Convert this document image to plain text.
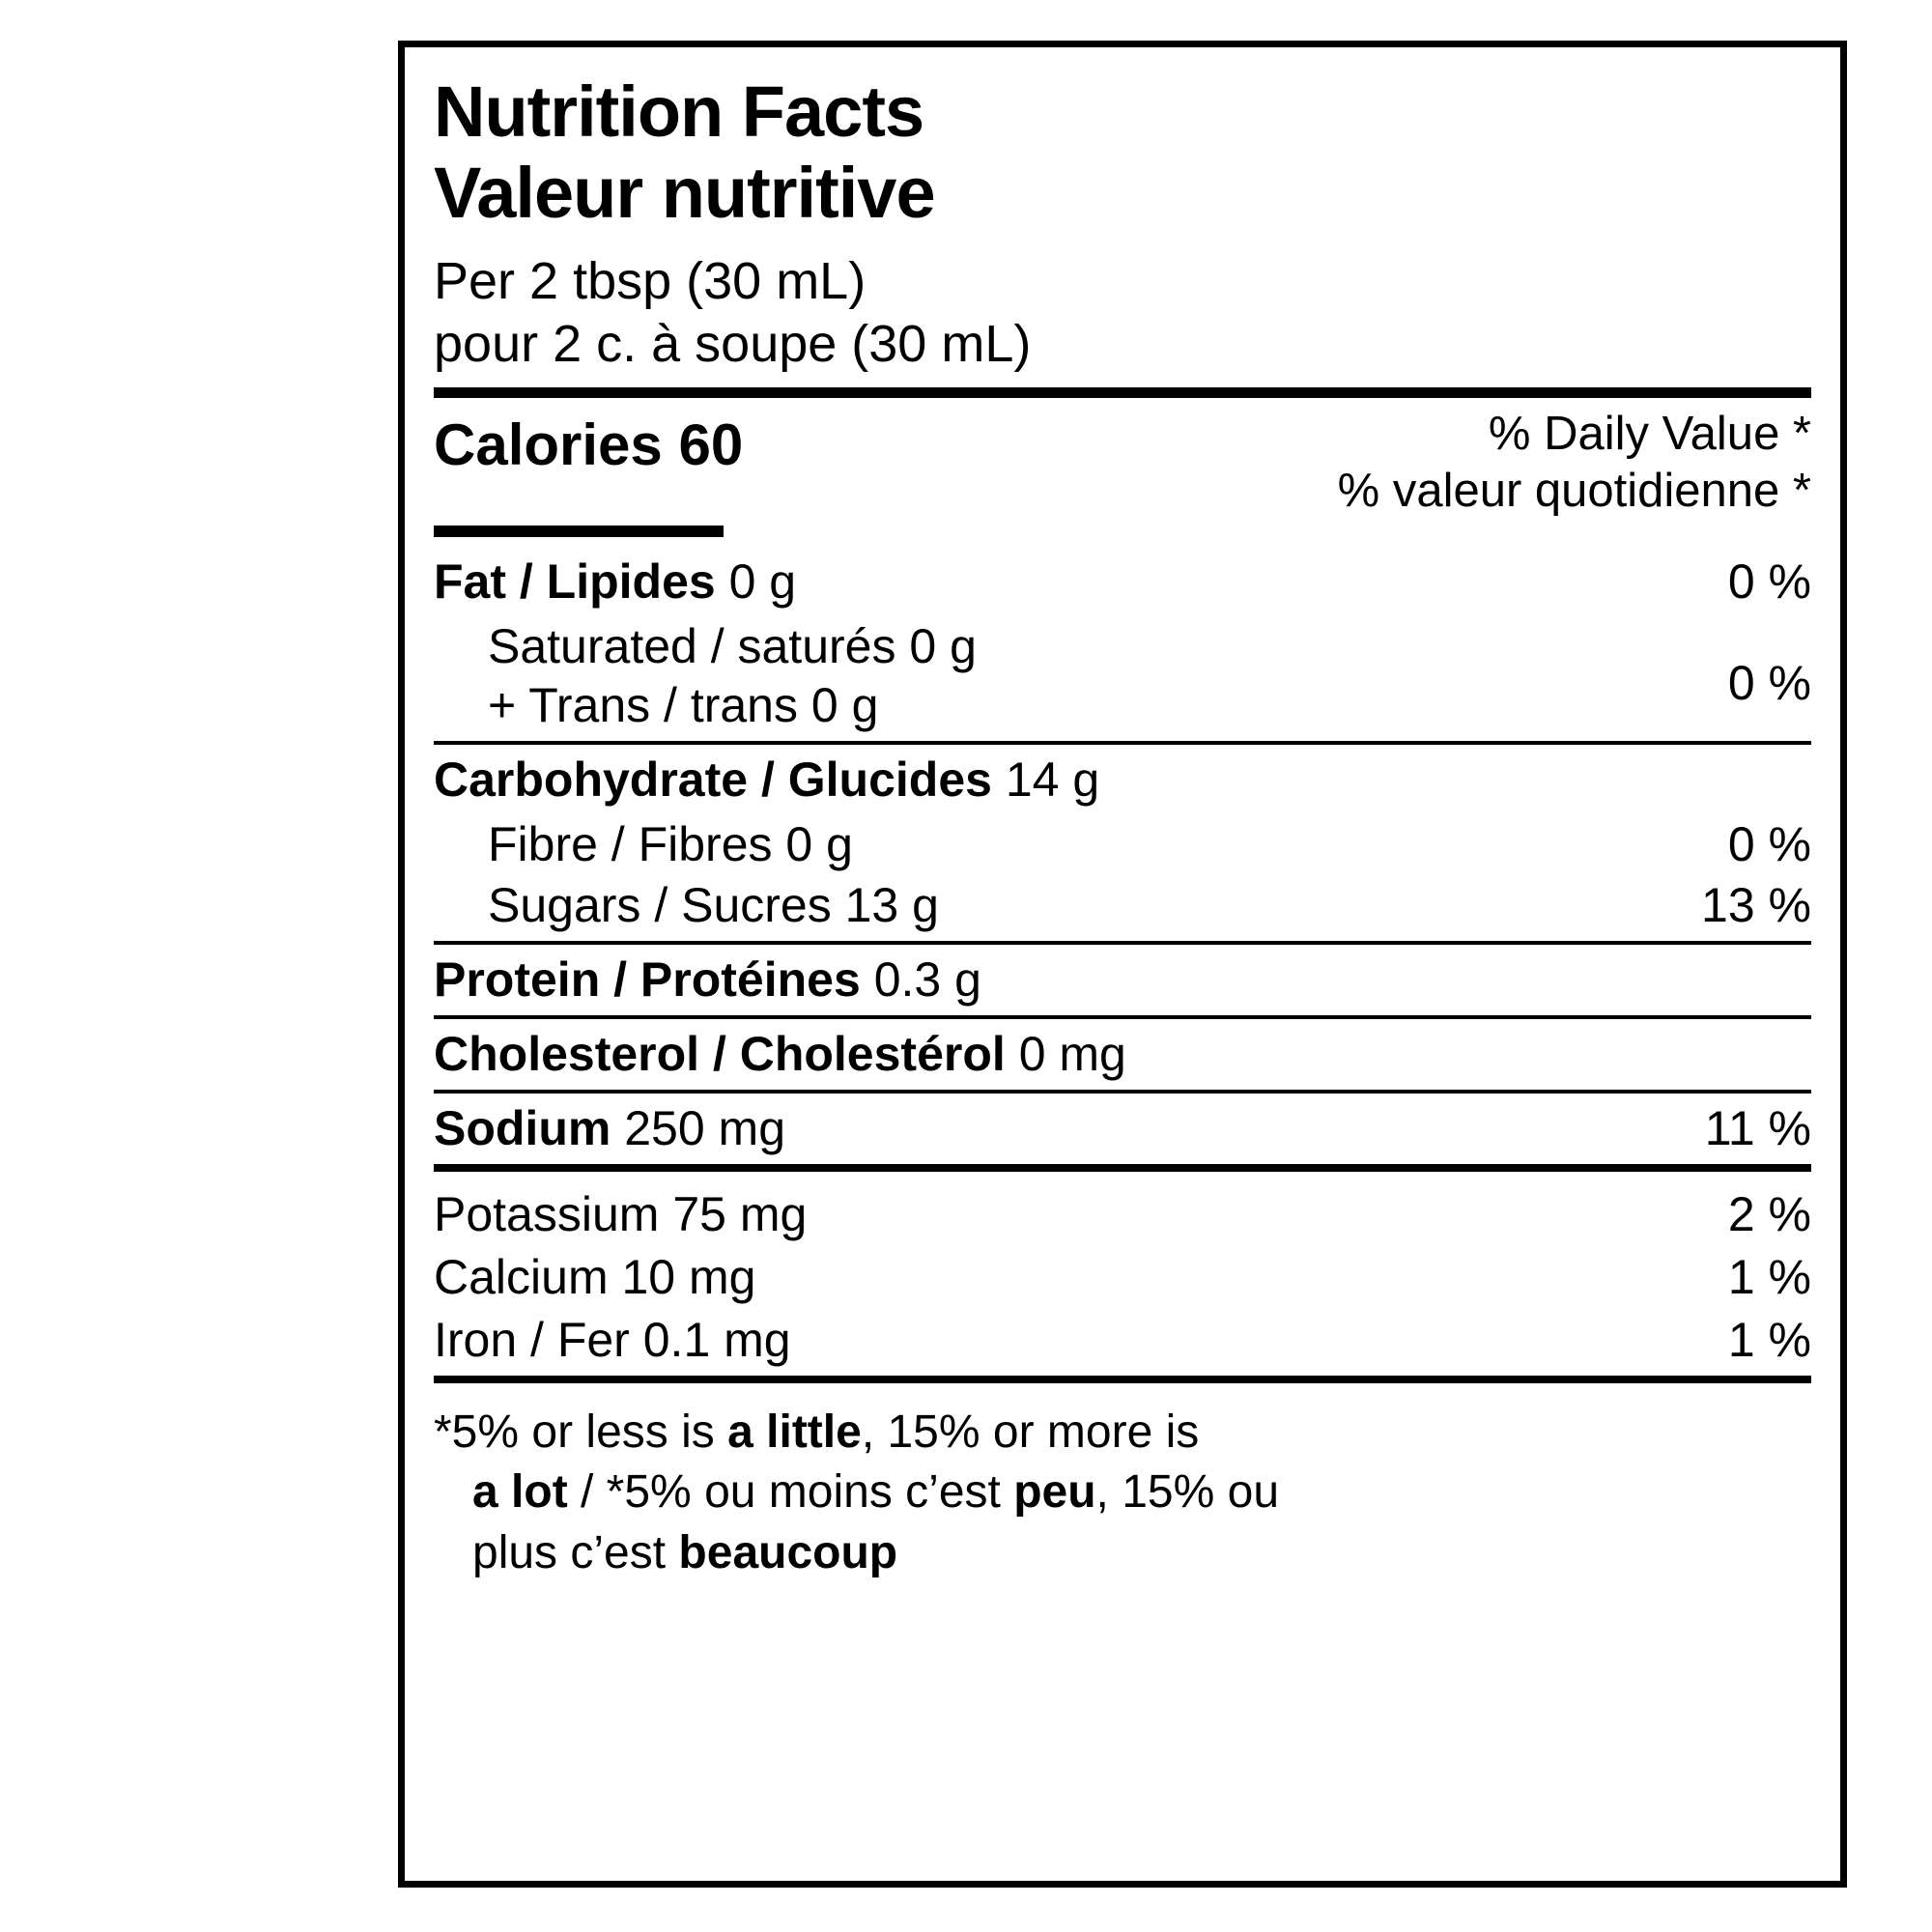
Nutrition Facts
Valeur nutritive
Per 2 tbsp (30 mL)
pour 2 c. à soupe (30 mL)
Calories 60	% Daily Value *
% valeur quotidienne *
Fat / Lipides 0 g	0 %
Saturated / saturés 0 g
+ Trans / trans 0 g	0 %
Carbohydrate / Glucides 14 g
Fibre / Fibres 0 g	0 %
Sugars / Sucres 13 g	13 %
Protein / Protéines 0.3 g
Cholesterol / Cholestérol 0 mg
Sodium 250 mg	11 %
Potassium 75 mg	2 %
Calcium 10 mg	1 %
Iron / Fer 0.1 mg	1 %
*5% or less is a little, 15% or more is
a lot / *5% ou moins c’est peu, 15% ou
plus c’est beaucoup
